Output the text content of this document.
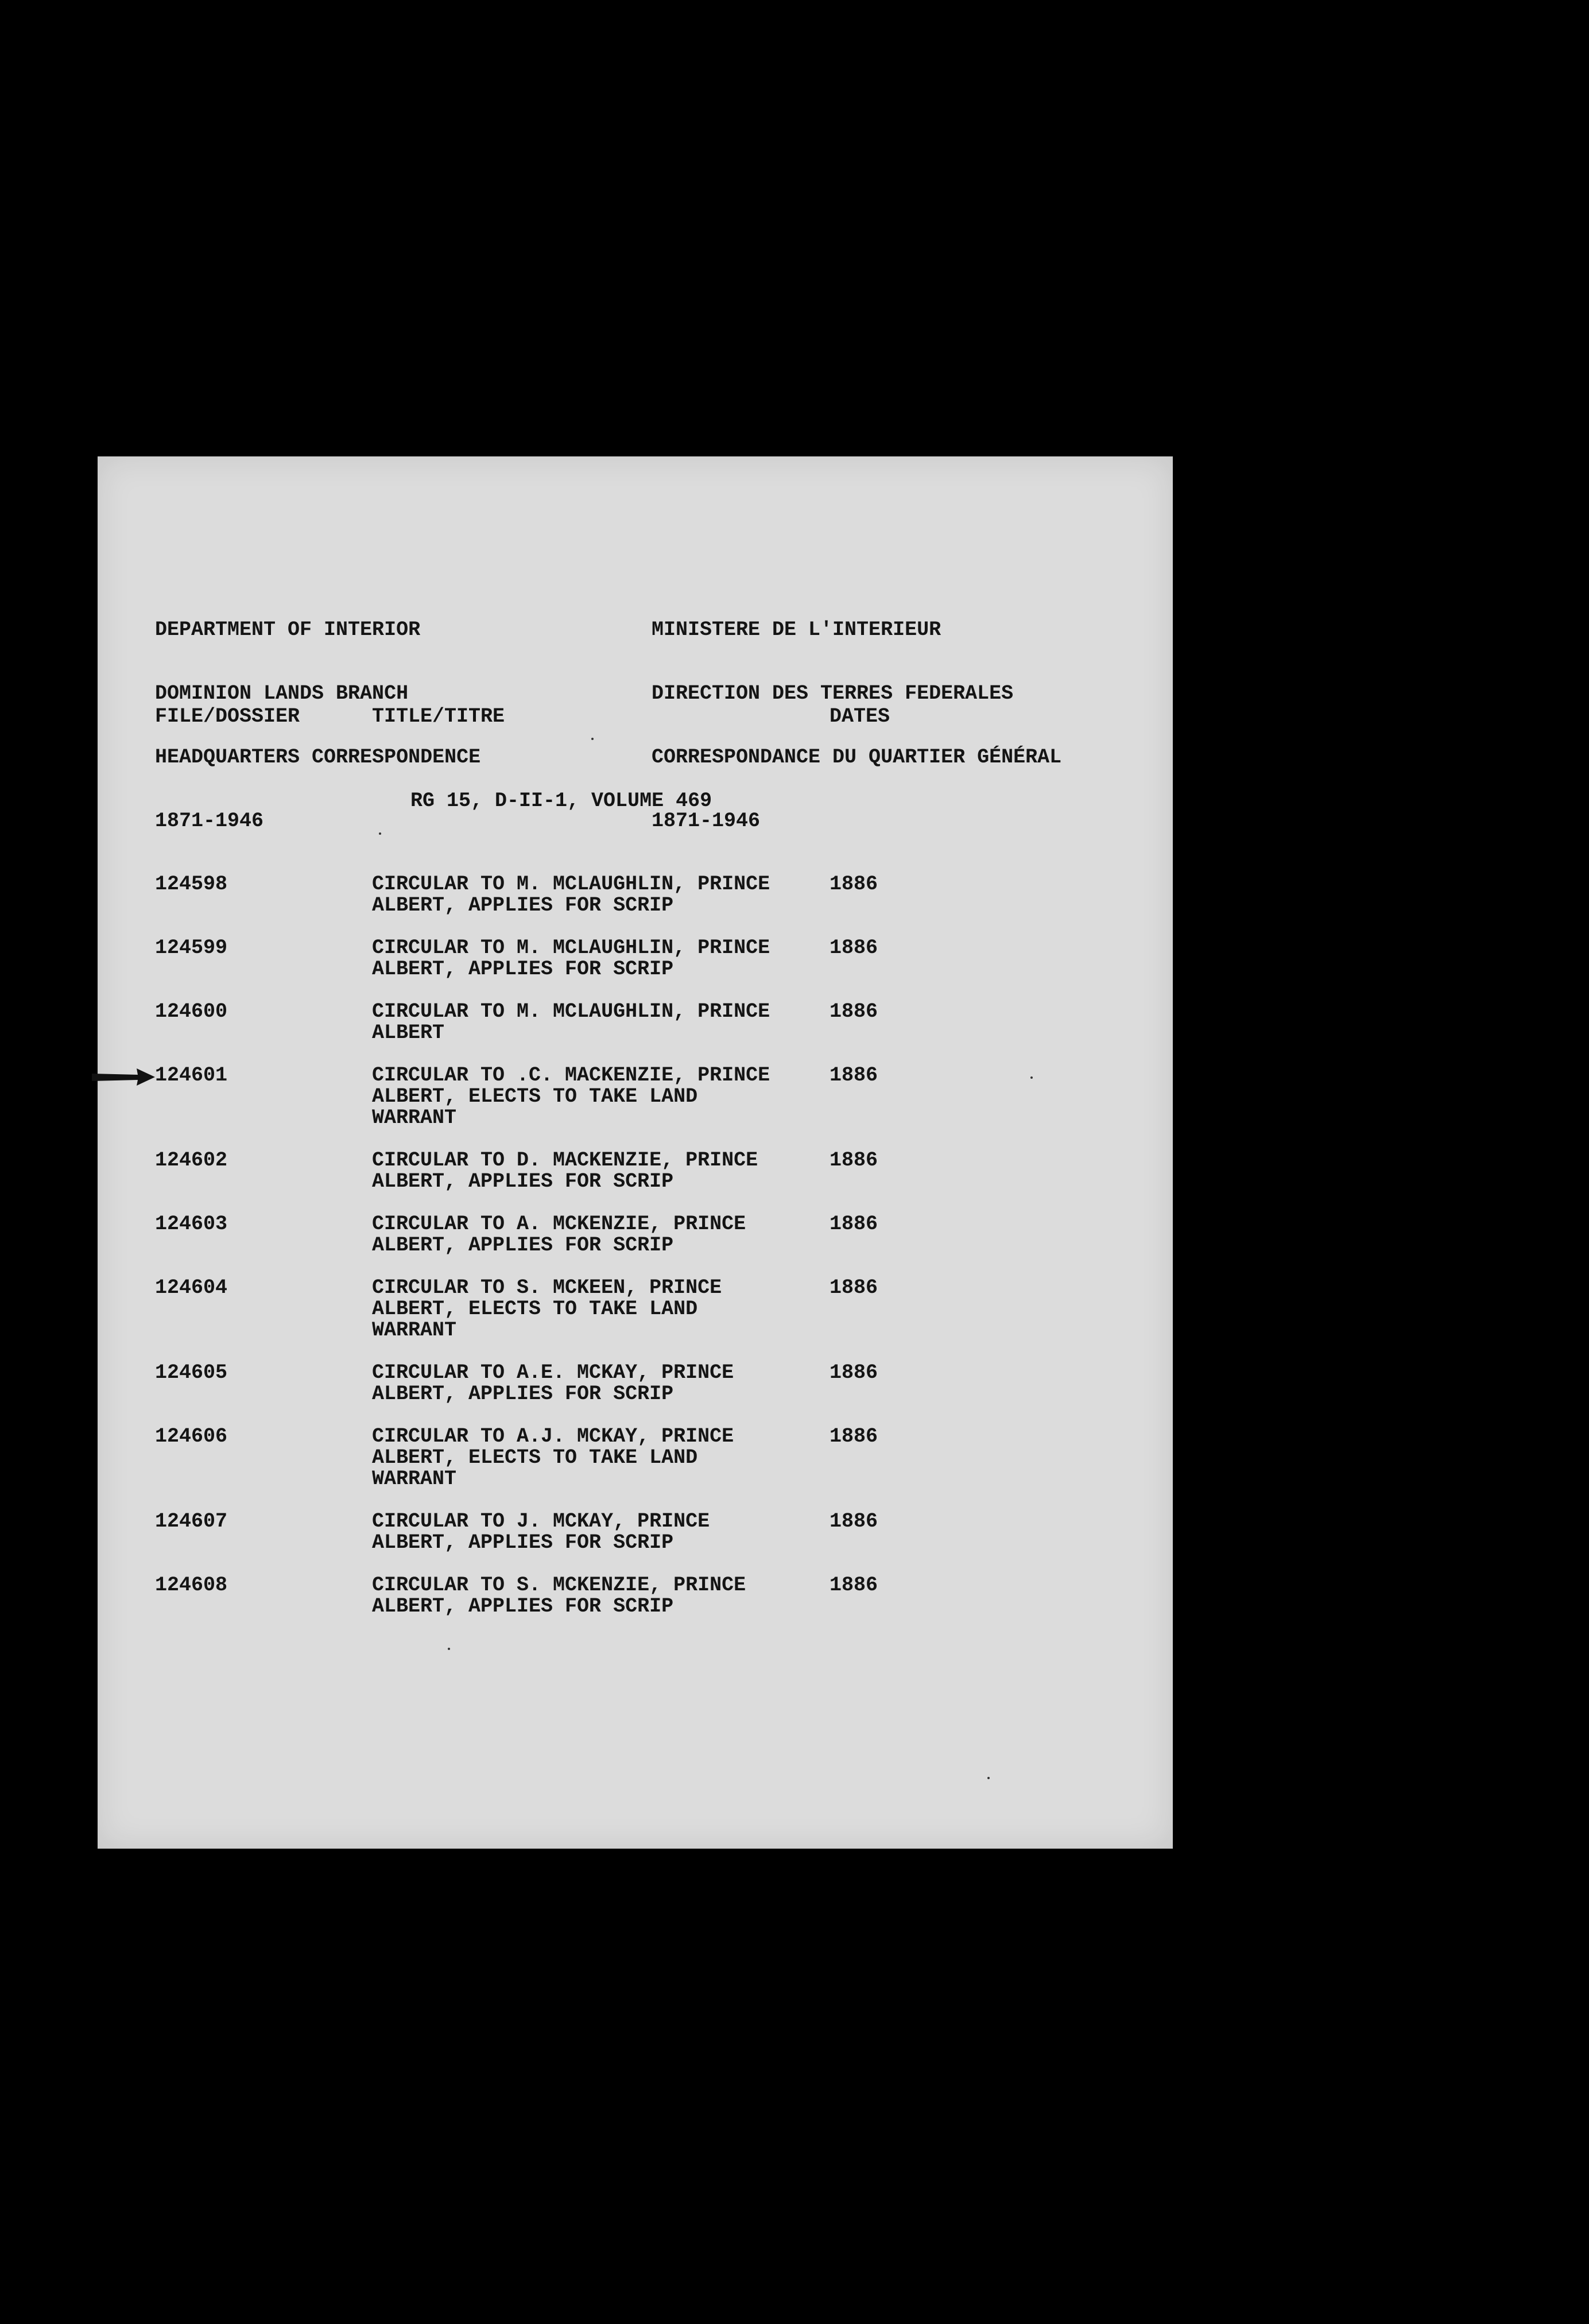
DEPARTMENT OF INTERIOR

DOMINION LANDS BRANCH

HEADQUARTERS CORRESPONDENCE

1871-1946

MINISTERE DE L'INTERIEUR

DIRECTION DES TERRES FEDERALES

CORRESPONDANCE DU QUARTIER GÉNÉRAL

1871-1946

FILE/DOSSIER	TITLE/TITRE	DATES
RG 15, D-II-1, VOLUME 469
124598	CIRCULAR TO M. MCLAUGHLIN, PRINCE
ALBERT, APPLIES FOR SCRIP
1886
124599	CIRCULAR TO M. MCLAUGHLIN, PRINCE
ALBERT, APPLIES FOR SCRIP
1886
124600	CIRCULAR TO M. MCLAUGHLIN, PRINCE
ALBERT
1886
124601	CIRCULAR TO .C. MACKENZIE, PRINCE
ALBERT, ELECTS TO TAKE LAND
WARRANT
1886
124602	CIRCULAR TO D. MACKENZIE, PRINCE
ALBERT, APPLIES FOR SCRIP
1886
124603	CIRCULAR TO A. MCKENZIE, PRINCE
ALBERT, APPLIES FOR SCRIP
1886
124604	CIRCULAR TO S. MCKEEN, PRINCE
ALBERT, ELECTS TO TAKE LAND
WARRANT
1886
124605	CIRCULAR TO A.E. MCKAY, PRINCE
ALBERT, APPLIES FOR SCRIP
1886
124606	CIRCULAR TO A.J. MCKAY, PRINCE
ALBERT, ELECTS TO TAKE LAND
WARRANT
1886
124607	CIRCULAR TO J. MCKAY, PRINCE
ALBERT, APPLIES FOR SCRIP
1886
124608	CIRCULAR TO S. MCKENZIE, PRINCE
ALBERT, APPLIES FOR SCRIP
1886
